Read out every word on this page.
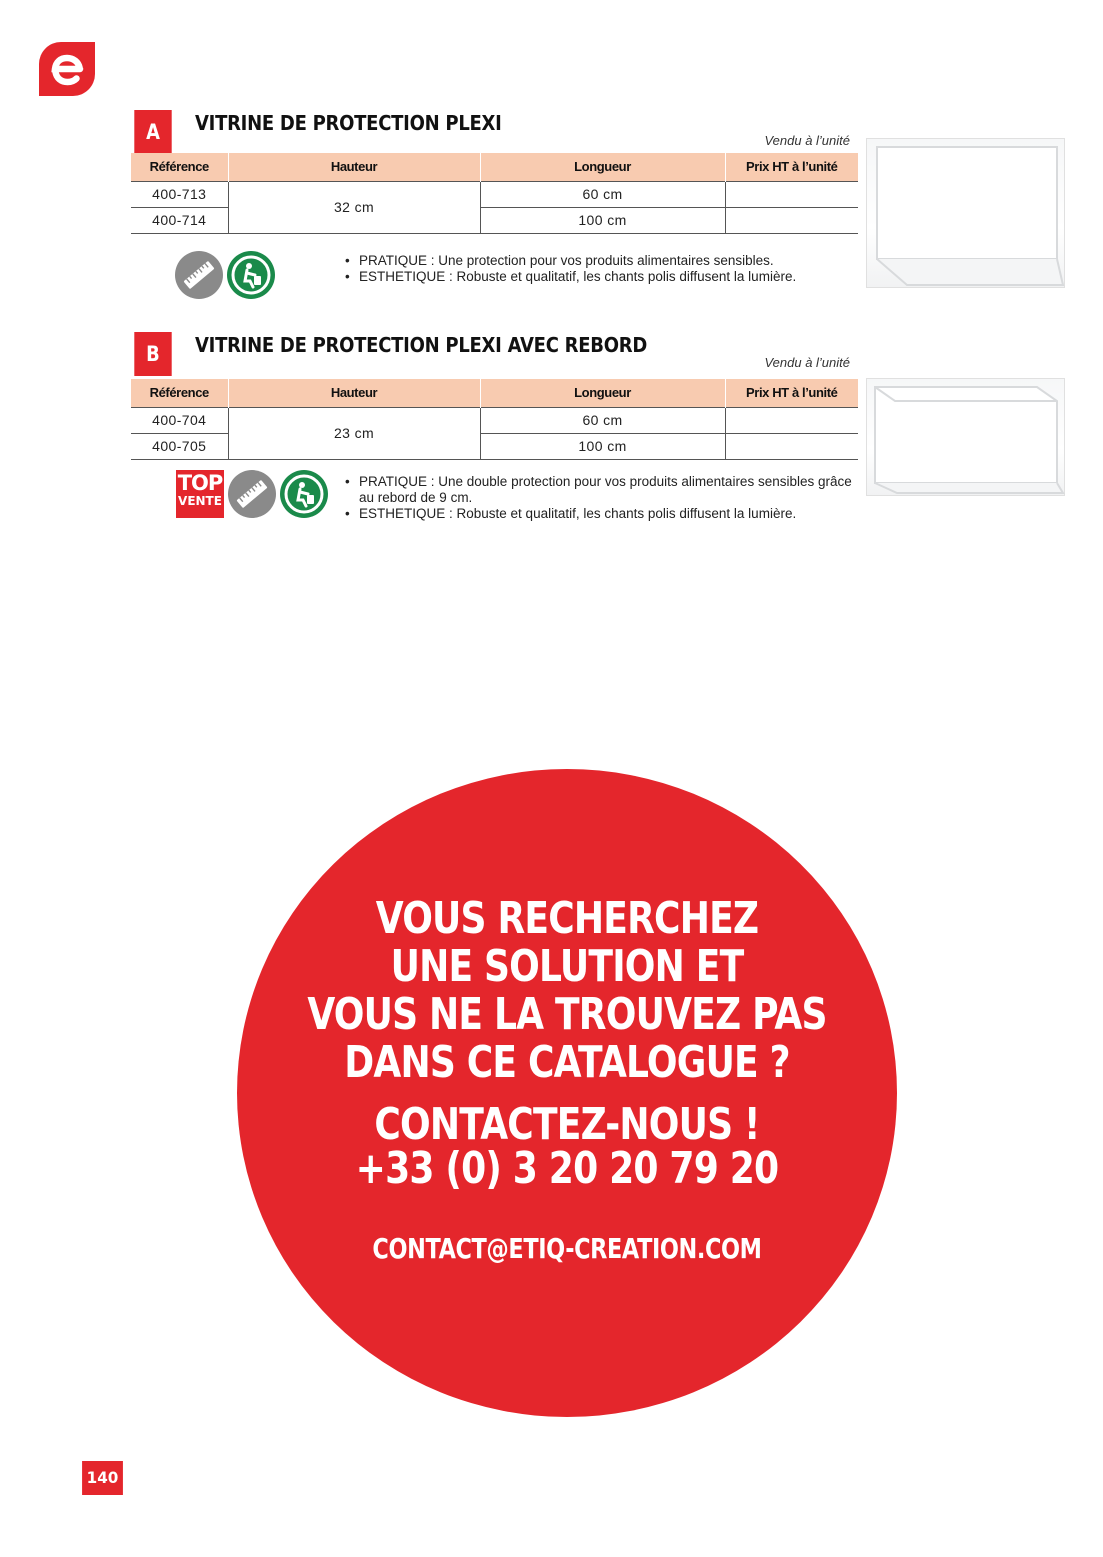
A	VITRINE DE PROTECTION PLEXI
Vendu à l’unité
Référence	Hauteur	Longueur	Prix HT à l’unité
400-713	32 cm	60 cm	
400-714		100 cm	
• PRATIQUE : Une protection pour vos produits alimentaires sensibles.
• ESTHETIQUE : Robuste et qualitatif, les chants polis diffusent la lumière.
B	VITRINE DE PROTECTION PLEXI AVEC REBORD
Vendu à l’unité
Référence	Hauteur	Longueur	Prix HT à l’unité
400-704	23 cm	60 cm	
400-705		100 cm	
TOP
VENTE
• PRATIQUE : Une double protection pour vos produits alimentaires sensibles grâce au rebord de 9 cm.
• ESTHETIQUE : Robuste et qualitatif, les chants polis diffusent la lumière.
VOUS RECHERCHEZ
UNE SOLUTION ET
VOUS NE LA TROUVEZ PAS
DANS CE CATALOGUE ?
CONTACTEZ-NOUS !
+33 (0) 3 20 20 79 20
CONTACT@ETIQ-CREATION.COM
140
